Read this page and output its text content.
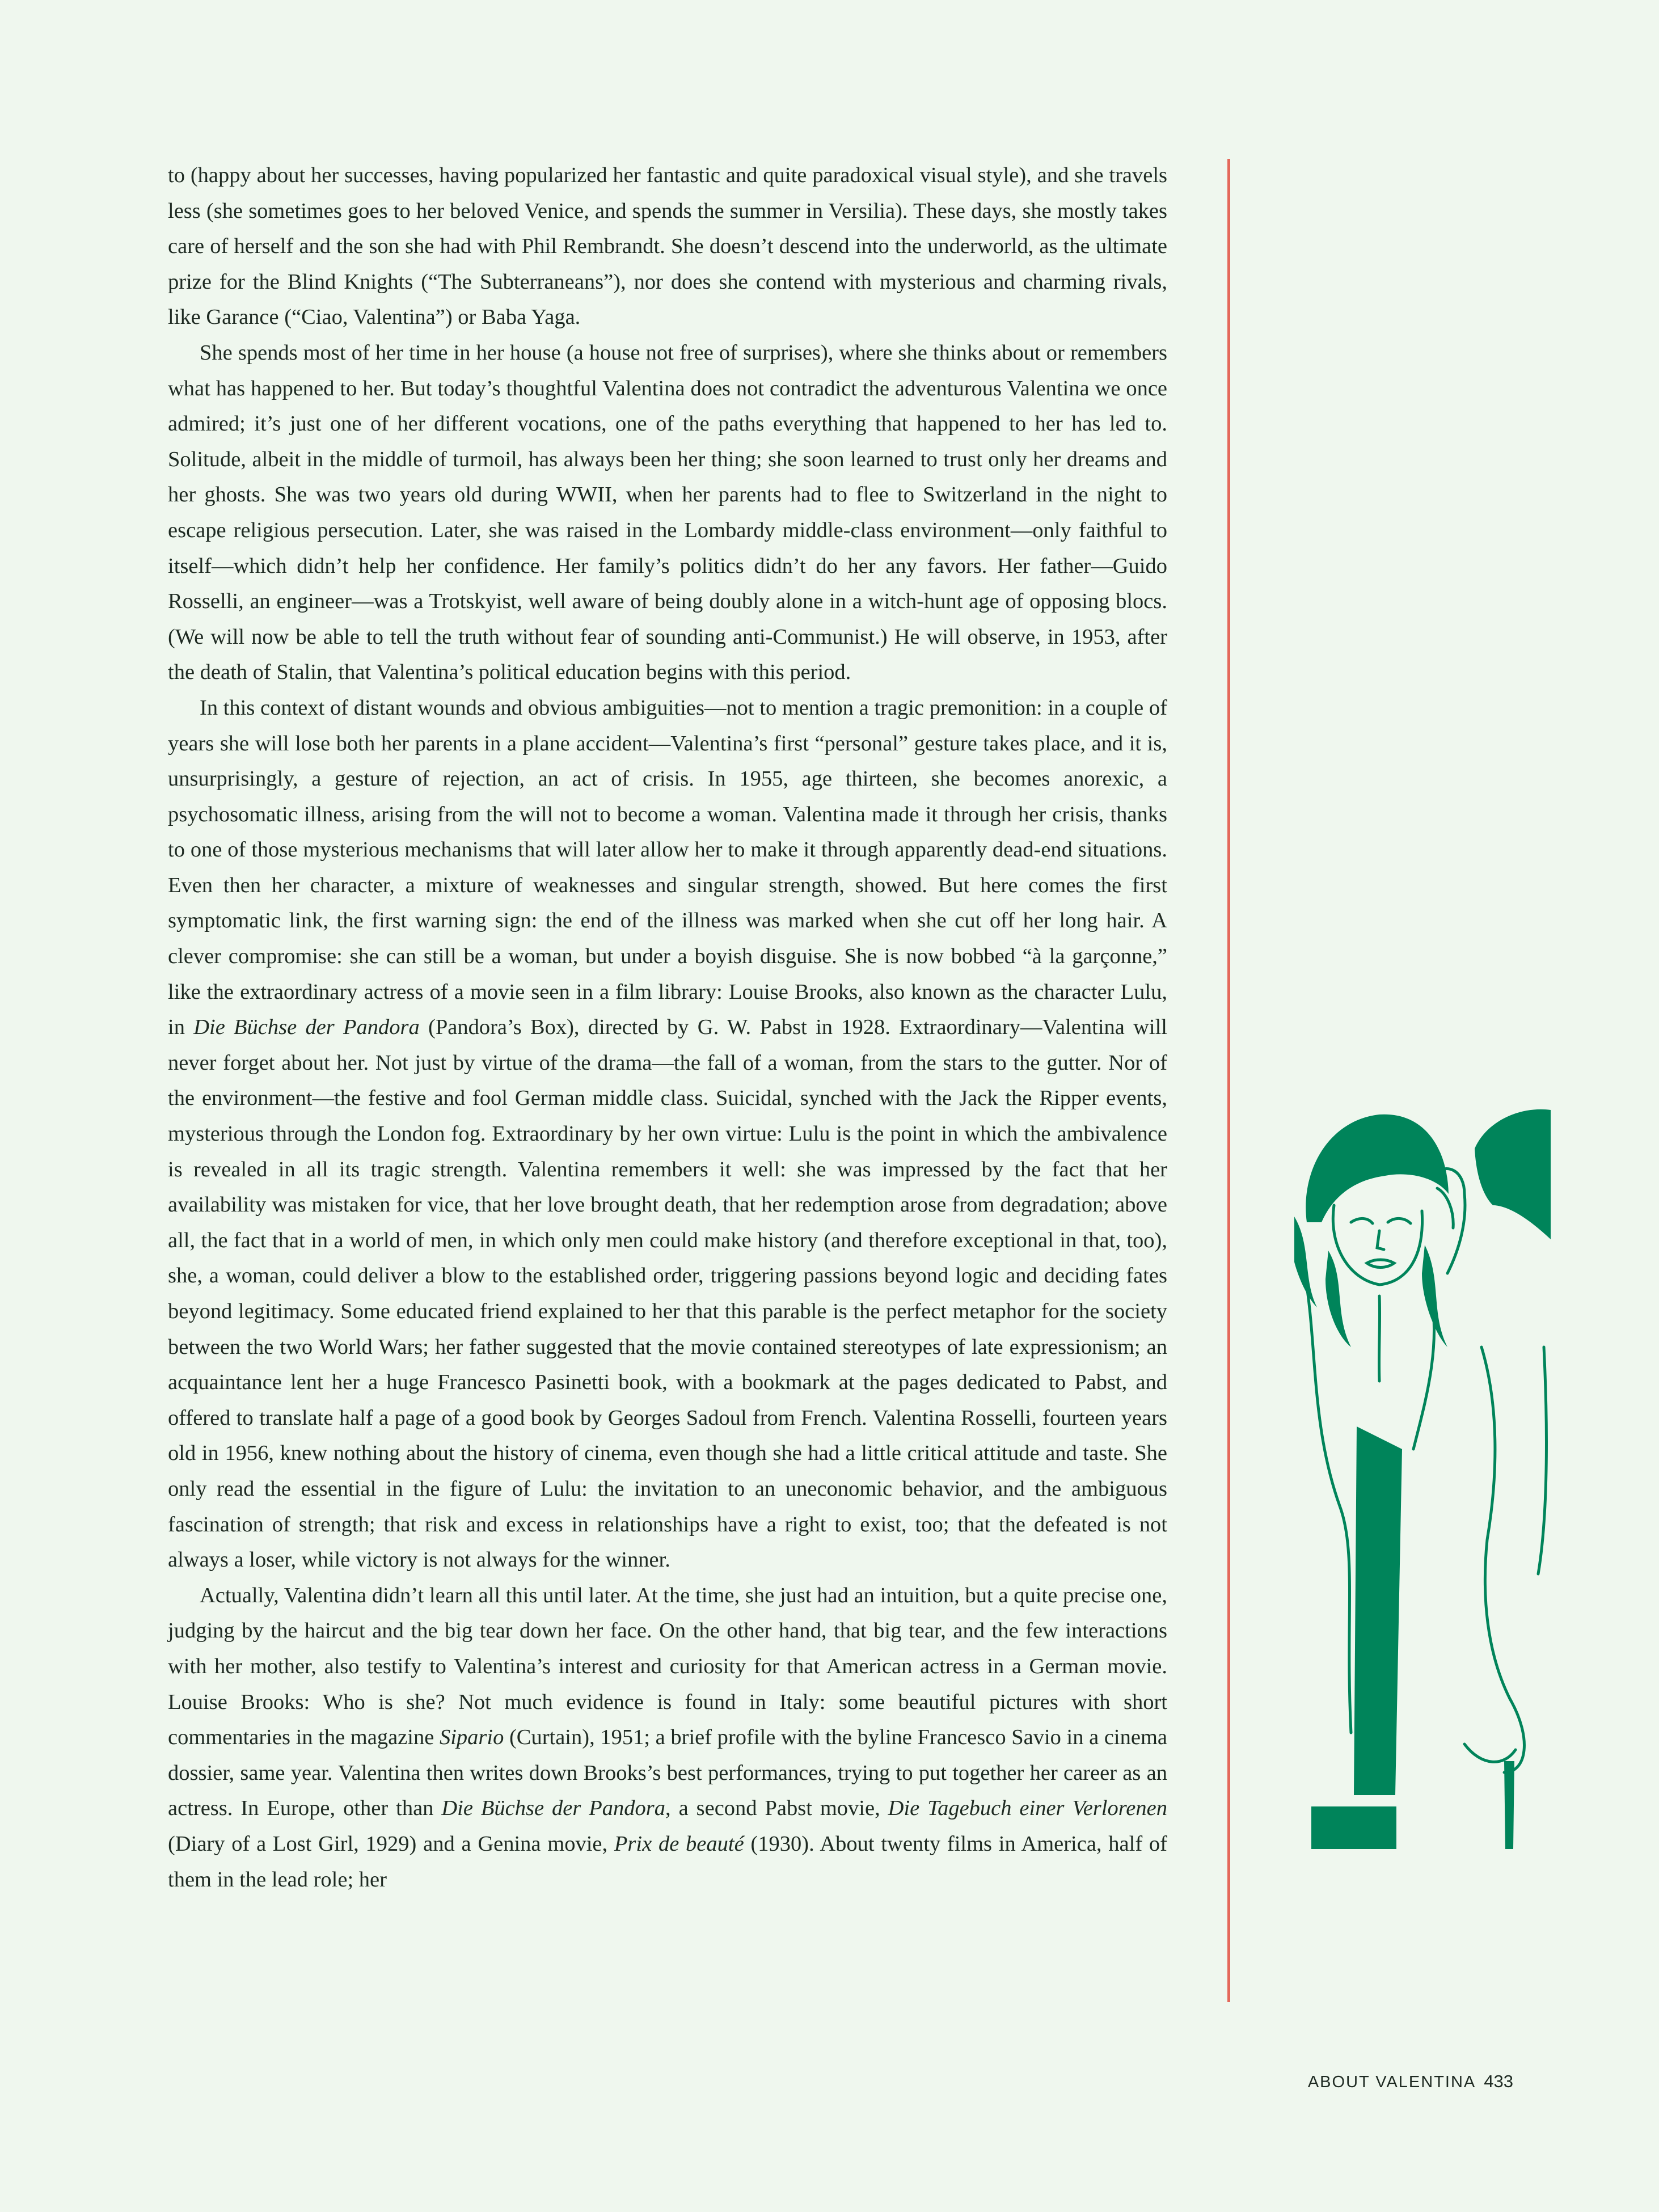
to (happy about her successes, having popularized her fantastic and quite paradoxical visual style), and she travels less (she sometimes goes to her beloved Venice, and spends the summer in Versilia). These days, she mostly takes care of herself and the son she had with Phil Rembrandt. She doesn’t descend into the underworld, as the ultimate prize for the Blind Knights (“The Subterraneans”), nor does she contend with mysterious and charming rivals, like Garance (“Ciao, Valentina”) or Baba Yaga.

She spends most of her time in her house (a house not free of surprises), where she thinks about or remembers what has happened to her. But today’s thoughtful Valentina does not contradict the adventurous Valentina we once admired; it’s just one of her different vocations, one of the paths everything that happened to her has led to. Solitude, albeit in the middle of turmoil, has always been her thing; she soon learned to trust only her dreams and her ghosts. She was two years old during WWII, when her parents had to flee to Switzerland in the night to escape religious persecution. Later, she was raised in the Lombardy middle-class environment—only faithful to itself—which didn’t help her confidence. Her family’s politics didn’t do her any favors. Her father—Guido Rosselli, an engineer—was a Trotskyist, well aware of being doubly alone in a witch-hunt age of opposing blocs. (We will now be able to tell the truth without fear of sounding anti-Communist.) He will observe, in 1953, after the death of Stalin, that Valentina’s political education begins with this period.

In this context of distant wounds and obvious ambiguities—not to mention a tragic premonition: in a couple of years she will lose both her parents in a plane accident—Valentina’s first “personal” gesture takes place, and it is, unsurprisingly, a gesture of rejection, an act of crisis. In 1955, age thirteen, she becomes anorexic, a psychosomatic illness, arising from the will not to become a woman. Valentina made it through her crisis, thanks to one of those mysterious mechanisms that will later allow her to make it through apparently dead-end situations. Even then her character, a mixture of weaknesses and singular strength, showed. But here comes the first symptomatic link, the first warning sign: the end of the illness was marked when she cut off her long hair. A clever compromise: she can still be a woman, but under a boyish disguise. She is now bobbed “à la garçonne,” like the extraordinary actress of a movie seen in a film library: Louise Brooks, also known as the character Lulu, in Die Büchse der Pandora (Pandora’s Box), directed by G. W. Pabst in 1928. Extraordinary—Valentina will never forget about her. Not just by virtue of the drama—the fall of a woman, from the stars to the gutter. Nor of the environment—the festive and fool German middle class. Suicidal, synched with the Jack the Ripper events, mysterious through the London fog. Extraordinary by her own virtue: Lulu is the point in which the ambivalence is revealed in all its tragic strength. Valentina remembers it well: she was impressed by the fact that her availability was mistaken for vice, that her love brought death, that her redemption arose from degradation; above all, the fact that in a world of men, in which only men could make history (and therefore exceptional in that, too), she, a woman, could deliver a blow to the established order, triggering passions beyond logic and deciding fates beyond legitimacy. Some educated friend explained to her that this parable is the perfect metaphor for the society between the two World Wars; her father suggested that the movie contained stereotypes of late expressionism; an acquaintance lent her a huge Francesco Pasinetti book, with a bookmark at the pages dedicated to Pabst, and offered to translate half a page of a good book by Georges Sadoul from French. Valentina Rosselli, fourteen years old in 1956, knew nothing about the history of cinema, even though she had a little critical attitude and taste. She only read the essential in the figure of Lulu: the invitation to an uneconomic behavior, and the ambiguous fascination of strength; that risk and excess in relationships have a right to exist, too; that the defeated is not always a loser, while victory is not always for the winner.

Actually, Valentina didn’t learn all this until later. At the time, she just had an intuition, but a quite precise one, judging by the haircut and the big tear down her face. On the other hand, that big tear, and the few interactions with her mother, also testify to Valentina’s interest and curiosity for that American actress in a German movie. Louise Brooks: Who is she? Not much evidence is found in Italy: some beautiful pictures with short commentaries in the magazine Sipario (Curtain), 1951; a brief profile with the byline Francesco Savio in a cinema dossier, same year. Valentina then writes down Brooks’s best performances, trying to put together her career as an actress. In Europe, other than Die Büchse der Pandora, a second Pabst movie, Die Tagebuch einer Verlorenen (Diary of a Lost Girl, 1929) and a Genina movie, Prix de beauté (1930). About twenty films in America, half of them in the lead role; her

ABOUT VALENTINA 433
